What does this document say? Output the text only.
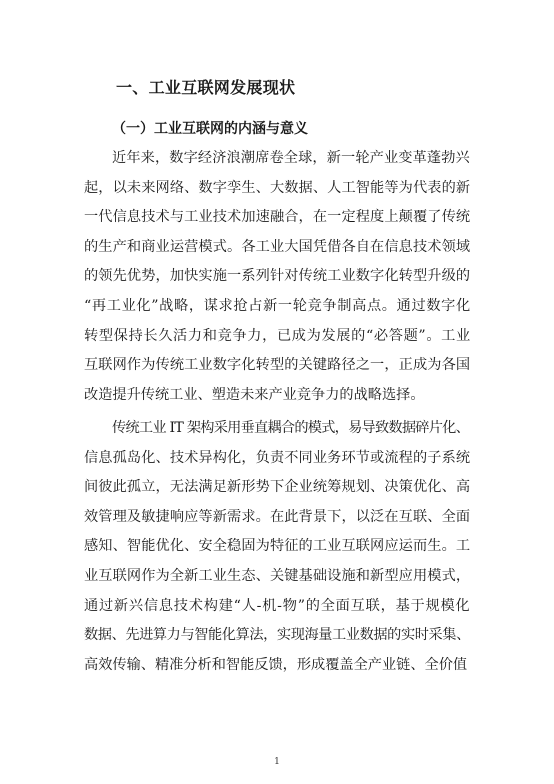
一、工业互联网发展现状
（一）工业互联网的内涵与意义
近年来，数字经济浪潮席卷全球，新一轮产业变革蓬勃兴
起，以未来网络、数字孪生、大数据、人工智能等为代表的新
一代信息技术与工业技术加速融合，在一定程度上颠覆了传统
的生产和商业运营模式。各工业大国凭借各自在信息技术领域
的领先优势，加快实施一系列针对传统工业数字化转型升级的
“再工业化”战略，谋求抢占新一轮竞争制高点。通过数字化
转型保持长久活力和竞争力，已成为发展的“必答题”。工业
互联网作为传统工业数字化转型的关键路径之一，正成为各国
改造提升传统工业、塑造未来产业竞争力的战略选择。
传统工业 IT 架构采用垂直耦合的模式，易导致数据碎片化、
信息孤岛化、技术异构化，负责不同业务环节或流程的子系统
间彼此孤立，无法满足新形势下企业统筹规划、决策优化、高
效管理及敏捷响应等新需求。在此背景下，以泛在互联、全面
感知、智能优化、安全稳固为特征的工业互联网应运而生。工
业互联网作为全新工业生态、关键基础设施和新型应用模式，
通过新兴信息技术构建“人-机-物”的全面互联，基于规模化
数据、先进算力与智能化算法，实现海量工业数据的实时采集、
高效传输、精准分析和智能反馈，形成覆盖全产业链、全价值
1
